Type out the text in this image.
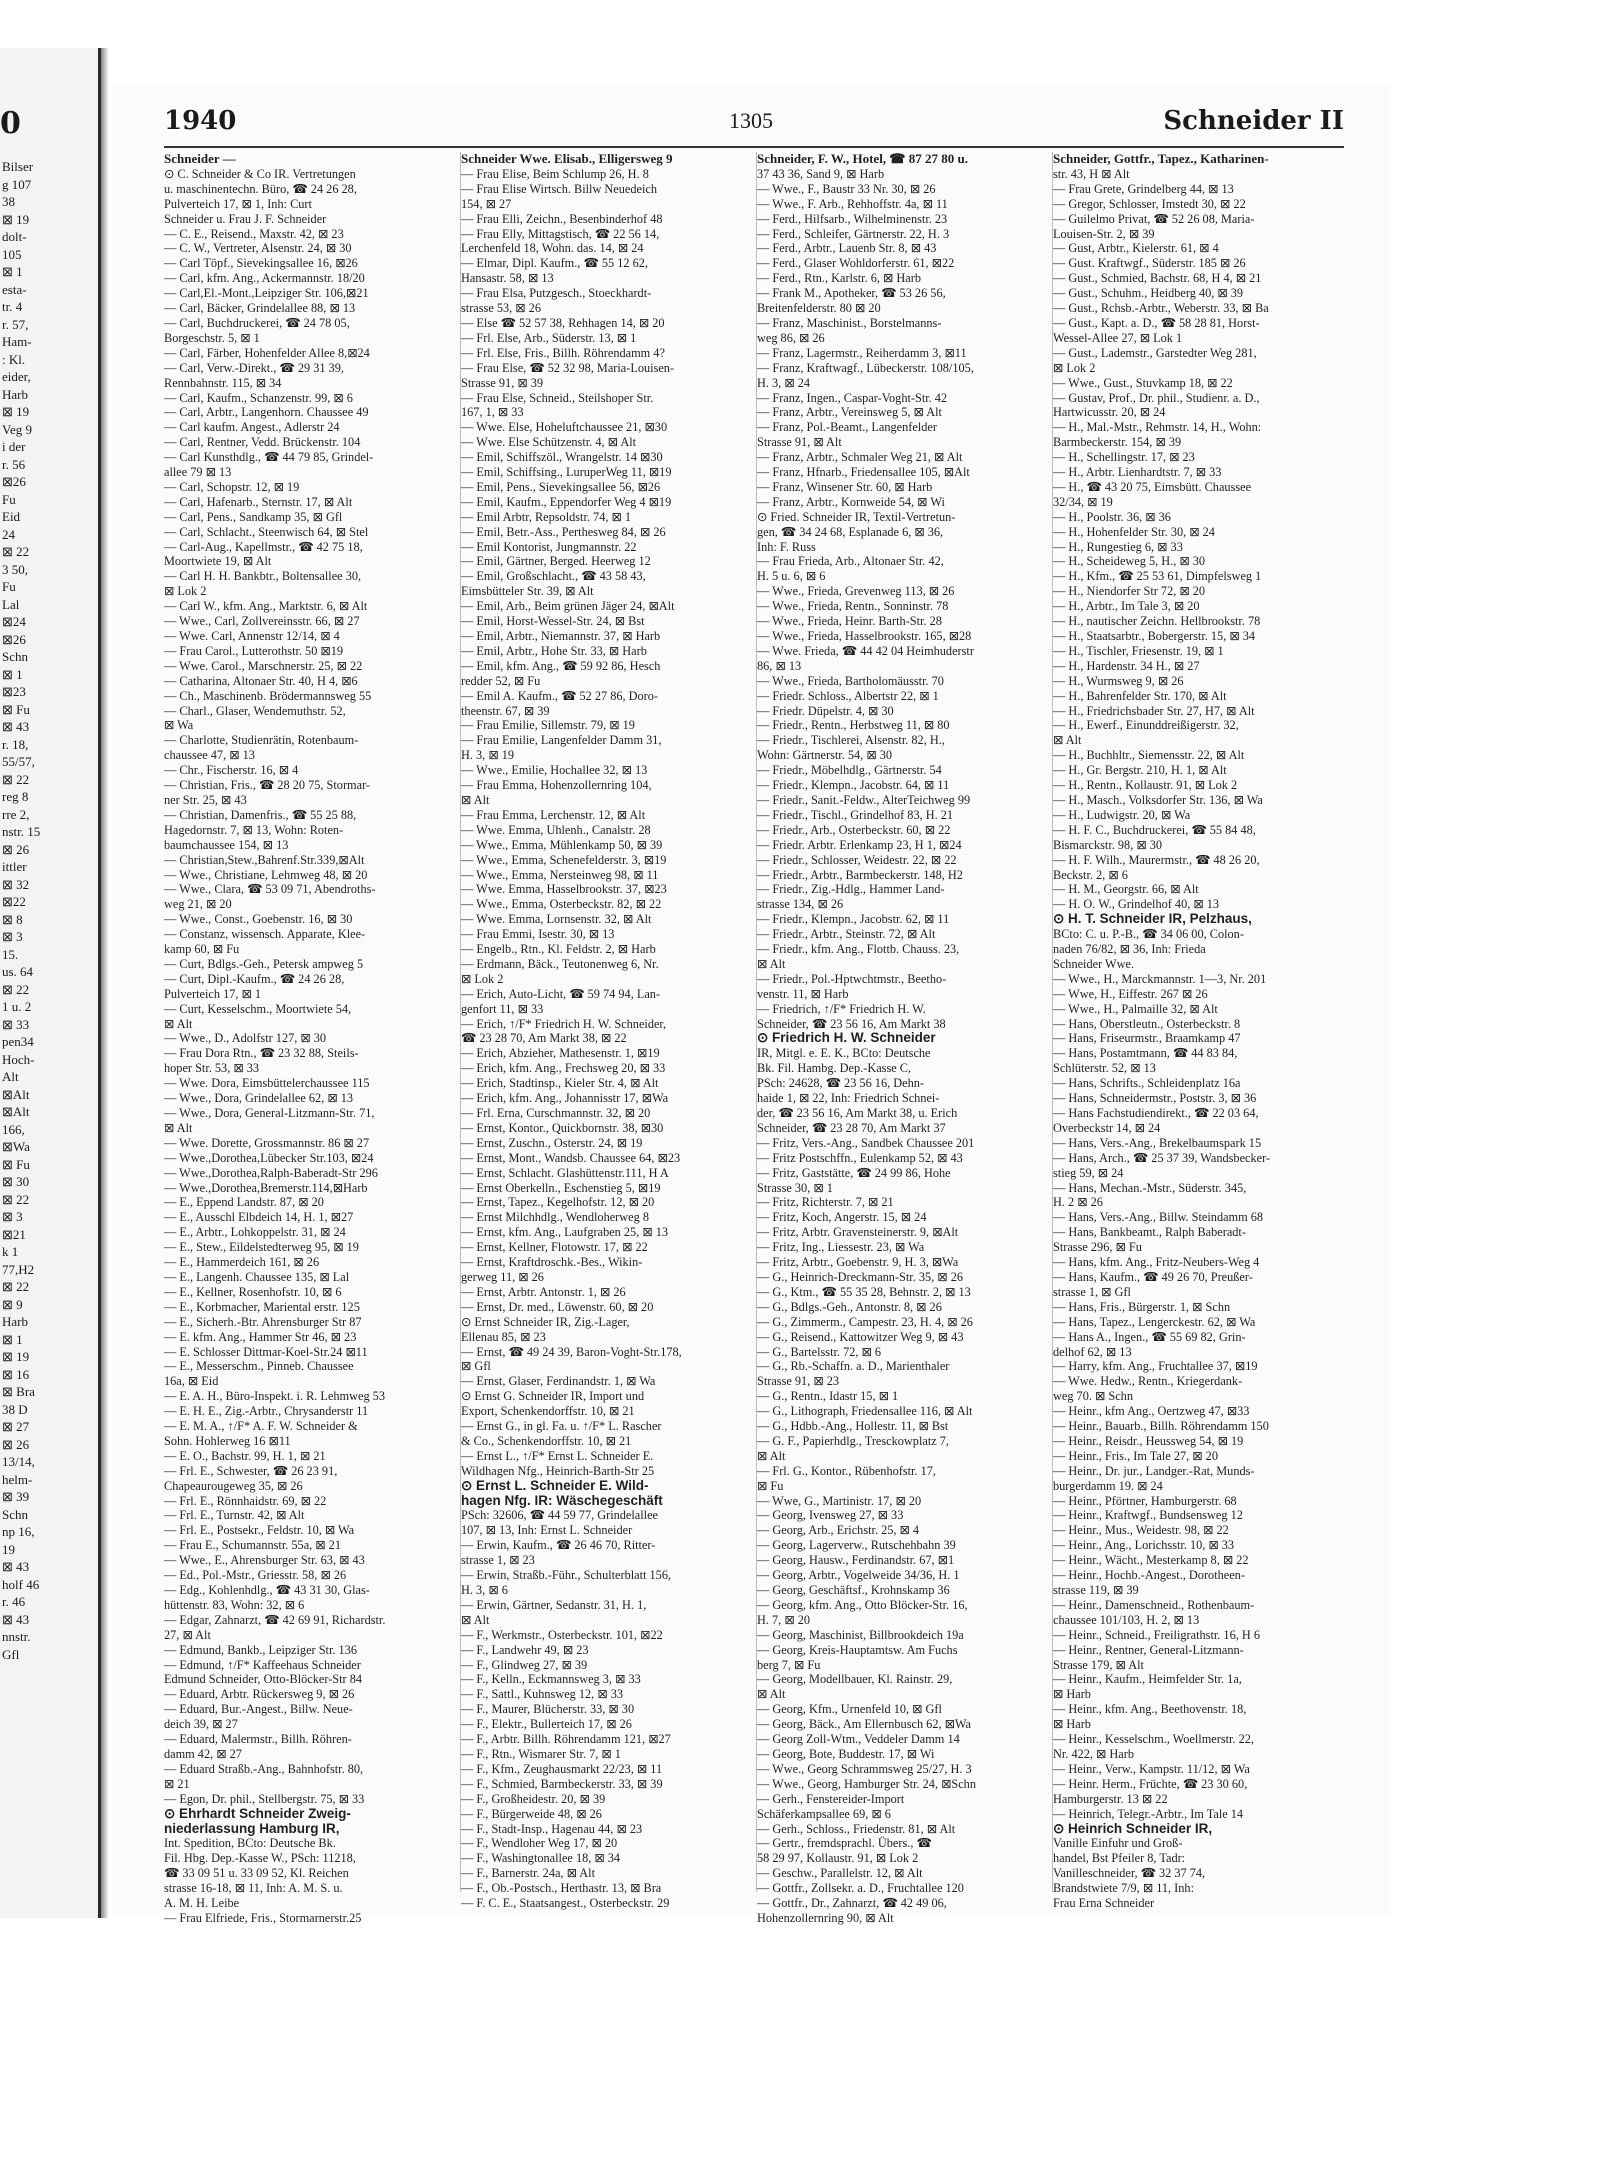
0
Bilser
g 107
38
⊠ 19
dolt-
105
⊠ 1
esta-
tr. 4
r. 57,
Ham-
: Kl.
eider,
Harb
⊠ 19
Veg 9
i der
r. 56
⊠26
Fu
Eid
24
⊠ 22
3 50,
Fu
Lal
⊠24
⊠26
Schn
⊠ 1
⊠23
⊠ Fu
⊠ 43
r. 18,
55/57,
⊠ 22
reg 8
rre 2,
nstr. 15
⊠ 26
ittler
⊠ 32
⊠22
⊠ 8
⊠ 3
15.
us. 64
⊠ 22
1 u. 2
⊠ 33
pen34
Hoch-
Alt
⊠Alt
⊠Alt
166,
⊠Wa
⊠ Fu
⊠ 30
⊠ 22
⊠ 3
⊠21
k 1
77,H2
⊠ 22
⊠ 9
Harb
⊠ 1
⊠ 19
⊠ 16
⊠ Bra
38 D
⊠ 27
⊠ 26
13/14,
helm-
⊠ 39
Schn
np 16,
19
⊠ 43
holf 46
r. 46
⊠ 43
nnstr.
Gfl
1940	1305	Schneider II
Schneider —
⊙ C. Schneider & Co IR. Vertretungen
u. maschinentechn. Büro, ☎ 24 26 28,
Pulverteich 17, ⊠ 1, Inh: Curt
Schneider u. Frau J. F. Schneider
— C. E., Reisend., Maxstr. 42, ⊠ 23
— C. W., Vertreter, Alsenstr. 24, ⊠ 30
— Carl Töpf., Sievekingsallee 16, ⊠26
— Carl, kfm. Ang., Ackermannstr. 18/20
— Carl,El.-Mont.,Leipziger Str. 106,⊠21
— Carl, Bäcker, Grindelallee 88, ⊠ 13
— Carl, Buchdruckerei, ☎ 24 78 05,
Borgeschstr. 5, ⊠ 1
— Carl, Färber, Hohenfelder Allee 8,⊠24
— Carl, Verw.-Direkt., ☎ 29 31 39,
Rennbahnstr. 115, ⊠ 34
— Carl, Kaufm., Schanzenstr. 99, ⊠ 6
— Carl, Arbtr., Langenhorn. Chaussee 49
— Carl kaufm. Angest., Adlerstr 24
— Carl, Rentner, Vedd. Brückenstr. 104
— Carl Kunsthdlg., ☎ 44 79 85, Grindel-
allee 79 ⊠ 13
— Carl, Schopstr. 12, ⊠ 19
— Carl, Hafenarb., Sternstr. 17, ⊠ Alt
— Carl, Pens., Sandkamp 35, ⊠ Gfl
— Carl, Schlacht., Steenwisch 64, ⊠ Stel
— Carl-Aug., Kapellmstr., ☎ 42 75 18,
Moortwiete 19, ⊠ Alt
— Carl H. H. Bankbtr., Boltensallee 30,
⊠ Lok 2
— Carl W., kfm. Ang., Marktstr. 6, ⊠ Alt
— Wwe., Carl, Zollvereinsstr. 66, ⊠ 27
— Wwe. Carl, Annenstr 12/14, ⊠ 4
— Frau Carol., Lutterothstr. 50 ⊠19
— Wwe. Carol., Marschnerstr. 25, ⊠ 22
— Catharina, Altonaer Str. 40, H 4, ⊠6
— Ch., Maschinenb. Brödermannsweg 55
— Charl., Glaser, Wendemuthstr. 52,
⊠ Wa
— Charlotte, Studienrätin, Rotenbaum-
chaussee 47, ⊠ 13
— Chr., Fischerstr. 16, ⊠ 4
— Christian, Fris., ☎ 28 20 75, Stormar-
ner Str. 25, ⊠ 43
— Christian, Damenfris., ☎ 55 25 88,
Hagedornstr. 7, ⊠ 13, Wohn: Roten-
baumchaussee 154, ⊠ 13
— Christian,Stew.,Bahrenf.Str.339,⊠Alt
— Wwe., Christiane, Lehmweg 48, ⊠ 20
— Wwe., Clara, ☎ 53 09 71, Abendroths-
weg 21, ⊠ 20
— Wwe., Const., Goebenstr. 16, ⊠ 30
— Constanz, wissensch. Apparate, Klee-
kamp 60, ⊠ Fu
— Curt, Bdlgs.-Geh., Petersk ampweg 5
— Curt, Dipl.-Kaufm., ☎ 24 26 28,
Pulverteich 17, ⊠ 1
— Curt, Kesselschm., Moortwiete 54,
⊠ Alt
— Wwe., D., Adolfstr 127, ⊠ 30
— Frau Dora Rtn., ☎ 23 32 88, Steils-
hoper Str. 53, ⊠ 33
— Wwe. Dora, Eimsbüttelerchaussee 115
— Wwe., Dora, Grindelallee 62, ⊠ 13
— Wwe., Dora, General-Litzmann-Str. 71,
⊠ Alt
— Wwe. Dorette, Grossmannstr. 86 ⊠ 27
— Wwe.,Dorothea,Lübecker Str.103, ⊠24
— Wwe.,Dorothea,Ralph-Baberadt-Str 296
— Wwe.,Dorothea,Bremerstr.114,⊠Harb
— E., Eppend Landstr. 87, ⊠ 20
— E., Ausschl Elbdeich 14, H. 1, ⊠27
— E., Arbtr., Lohkoppelstr. 31, ⊠ 24
— E., Stew., Eildelstedterweg 95, ⊠ 19
— E., Hammerdeich 161, ⊠ 26
— E., Langenh. Chaussee 135, ⊠ Lal
— E., Kellner, Rosenhofstr. 10, ⊠ 6
— E., Korbmacher, Mariental erstr. 125
— E., Sicherh.-Btr. Ahrensburger Str 87
— E. kfm. Ang., Hammer Str 46, ⊠ 23
— E. Schlosser Dittmar-Koel-Str.24 ⊠11
— E., Messerschm., Pinneb. Chaussee
16a, ⊠ Eid
— E. A. H., Büro-Inspekt. i. R. Lehmweg 53
— E. H. E., Zig.-Arbtr., Chrysanderstr 11
— E. M. A., ↑/F* A. F. W. Schneider &
Sohn. Hohlerweg 16 ⊠11
— E. O., Bachstr. 99, H. 1, ⊠ 21
— Frl. E., Schwester, ☎ 26 23 91,
Chapeaurougeweg 35, ⊠ 26
— Frl. E., Rönnhaidstr. 69, ⊠ 22
— Frl. E., Turnstr. 42, ⊠ Alt
— Frl. E., Postsekr., Feldstr. 10, ⊠ Wa
— Frau E., Schumannstr. 55a, ⊠ 21
— Wwe., E., Ahrensburger Str. 63, ⊠ 43
— Ed., Pol.-Mstr., Griesstr. 58, ⊠ 26
— Edg., Kohlenhdlg., ☎ 43 31 30, Glas-
hüttenstr. 83, Wohn: 32, ⊠ 6
— Edgar, Zahnarzt, ☎ 42 69 91, Richardstr.
27, ⊠ Alt
— Edmund, Bankb., Leipziger Str. 136
— Edmund, ↑/F* Kaffeehaus Schneider
Edmund Schneider, Otto-Blöcker-Str 84
— Eduard, Arbtr. Rückersweg 9, ⊠ 26
— Eduard, Bur.-Angest., Billw. Neue-
deich 39, ⊠ 27
— Eduard, Malermstr., Billh. Röhren-
damm 42, ⊠ 27
— Eduard Straßb.-Ang., Bahnhofstr. 80,
⊠ 21
— Egon, Dr. phil., Stellbergstr. 75, ⊠ 33
⊙ Ehrhardt Schneider Zweig-
niederlassung Hamburg IR,
Int. Spedition, BCto: Deutsche Bk.
Fil. Hbg. Dep.-Kasse W., PSch: 11218,
☎ 33 09 51 u. 33 09 52, Kl. Reichen
strasse 16-18, ⊠ 11, Inh: A. M. S. u.
A. M. H. Leibe
— Frau Elfriede, Fris., Stormarnerstr.25
Schneider Wwe. Elisab., Elligersweg 9
— Frau Elise, Beim Schlump 26, H. 8
— Frau Elise Wirtsch. Billw Neuedeich
154, ⊠ 27
— Frau Elli, Zeichn., Besenbinderhof 48
— Frau Elly, Mittagstisch, ☎ 22 56 14,
Lerchenfeld 18, Wohn. das. 14, ⊠ 24
— Elmar, Dipl. Kaufm., ☎ 55 12 62,
Hansastr. 58, ⊠ 13
— Frau Elsa, Putzgesch., Stoeckhardt-
strasse 53, ⊠ 26
— Else ☎ 52 57 38, Rehhagen 14, ⊠ 20
— Frl. Else, Arb., Süderstr. 13, ⊠ 1
— Frl. Else, Fris., Billh. Röhrendamm 4?
— Frau Else, ☎ 52 32 98, Maria-Louisen-
Strasse 91, ⊠ 39
— Frau Else, Schneid., Steilshoper Str.
167, 1, ⊠ 33
— Wwe. Else, Hoheluftchaussee 21, ⊠30
— Wwe. Else Schützenstr. 4, ⊠ Alt
— Emil, Schiffszöl., Wrangelstr. 14 ⊠30
— Emil, Schiffsing., LuruperWeg 11, ⊠19
— Emil, Pens., Sievekingsallee 56, ⊠26
— Emil, Kaufm., Eppendorfer Weg 4 ⊠19
— Emil Arbtr, Repsoldstr. 74, ⊠ 1
— Emil, Betr.-Ass., Perthesweg 84, ⊠ 26
— Emil Kontorist, Jungmannstr. 22
— Emil, Gärtner, Berged. Heerweg 12
— Emil, Großschlacht., ☎ 43 58 43,
Eimsbütteler Str. 39, ⊠ Alt
— Emil, Arb., Beim grünen Jäger 24, ⊠Alt
— Emil, Horst-Wessel-Str. 24, ⊠ Bst
— Emil, Arbtr., Niemannstr. 37, ⊠ Harb
— Emil, Arbtr., Hohe Str. 33, ⊠ Harb
— Emil, kfm. Ang., ☎ 59 92 86, Hesch
redder 52, ⊠ Fu
— Emil A. Kaufm., ☎ 52 27 86, Doro-
theenstr. 67, ⊠ 39
— Frau Emilie, Sillemstr. 79, ⊠ 19
— Frau Emilie, Langenfelder Damm 31,
H. 3, ⊠ 19
— Wwe., Emilie, Hochallee 32, ⊠ 13
— Frau Emma, Hohenzollernring 104,
⊠ Alt
— Frau Emma, Lerchenstr. 12, ⊠ Alt
— Wwe. Emma, Uhlenh., Canalstr. 28
— Wwe., Emma, Mühlenkamp 50, ⊠ 39
— Wwe., Emma, Schenefelderstr. 3, ⊠19
— Wwe., Emma, Nersteinweg 98, ⊠ 11
— Wwe. Emma, Hasselbrookstr. 37, ⊠23
— Wwe., Emma, Osterbeckstr. 82, ⊠ 22
— Wwe. Emma, Lornsenstr. 32, ⊠ Alt
— Frau Emmi, Isestr. 30, ⊠ 13
— Engelb., Rtn., Kl. Feldstr. 2, ⊠ Harb
— Erdmann, Bäck., Teutonenweg 6, Nr.
⊠ Lok 2
— Erich, Auto-Licht, ☎ 59 74 94, Lan-
genfort 11, ⊠ 33
— Erich, ↑/F* Friedrich H. W. Schneider,
☎ 23 28 70, Am Markt 38, ⊠ 22
— Erich, Abzieher, Mathesenstr. 1, ⊠19
— Erich, kfm. Ang., Frechsweg 20, ⊠ 33
— Erich, Stadtinsp., Kieler Str. 4, ⊠ Alt
— Erich, kfm. Ang., Johannisstr 17, ⊠Wa
— Frl. Erna, Curschmannstr. 32, ⊠ 20
— Ernst, Kontor., Quickbornstr. 38, ⊠30
— Ernst, Zuschn., Osterstr. 24, ⊠ 19
— Ernst, Mont., Wandsb. Chaussee 64, ⊠23
— Ernst, Schlacht. Glashüttenstr.111, H A
— Ernst Oberkelln., Eschenstieg 5, ⊠19
— Ernst, Tapez., Kegelhofstr. 12, ⊠ 20
— Ernst Milchhdlg., Wendloherweg 8
— Ernst, kfm. Ang., Laufgraben 25, ⊠ 13
— Ernst, Kellner, Flotowstr. 17, ⊠ 22
— Ernst, Kraftdroschk.-Bes., Wikin-
gerweg 11, ⊠ 26
— Ernst, Arbtr. Antonstr. 1, ⊠ 26
— Ernst, Dr. med., Löwenstr. 60, ⊠ 20
⊙ Ernst Schneider IR, Zig.-Lager,
Ellenau 85, ⊠ 23
— Ernst, ☎ 49 24 39, Baron-Voght-Str.178,
⊠ Gfl
— Ernst, Glaser, Ferdinandstr. 1, ⊠ Wa
⊙ Ernst G. Schneider IR, Import und
Export, Schenkendorffstr. 10, ⊠ 21
— Ernst G., in gl. Fa. u. ↑/F* L. Rascher
& Co., Schenkendorffstr. 10, ⊠ 21
— Ernst L., ↑/F* Ernst L. Schneider E.
Wildhagen Nfg., Heinrich-Barth-Str 25
⊙ Ernst L. Schneider E. Wild-
hagen Nfg. IR: Wäschegeschäft
PSch: 32606, ☎ 44 59 77, Grindelallee
107, ⊠ 13, Inh: Ernst L. Schneider
— Erwin, Kaufm., ☎ 26 46 70, Ritter-
strasse 1, ⊠ 23
— Erwin, Straßb.-Führ., Schulterblatt 156,
H. 3, ⊠ 6
— Erwin, Gärtner, Sedanstr. 31, H. 1,
⊠ Alt
— F., Werkmstr., Osterbeckstr. 101, ⊠22
— F., Landwehr 49, ⊠ 23
— F., Glindweg 27, ⊠ 39
— F., Kelln., Eckmannsweg 3, ⊠ 33
— F., Sattl., Kuhnsweg 12, ⊠ 33
— F., Maurer, Blücherstr. 33, ⊠ 30
— F., Elektr., Bullerteich 17, ⊠ 26
— F., Arbtr. Billh. Röhrendamm 121, ⊠27
— F., Rtn., Wismarer Str. 7, ⊠ 1
— F., Kfm., Zeughausmarkt 22/23, ⊠ 11
— F., Schmied, Barmbeckerstr. 33, ⊠ 39
— F., Großheidestr. 20, ⊠ 39
— F., Bürgerweide 48, ⊠ 26
— F., Stadt-Insp., Hagenau 44, ⊠ 23
— F., Wendloher Weg 17, ⊠ 20
— F., Washingtonallee 18, ⊠ 34
— F., Barnerstr. 24a, ⊠ Alt
— F., Ob.-Postsch., Herthastr. 13, ⊠ Bra
— F. C. E., Staatsangest., Osterbeckstr. 29
Schneider, F. W., Hotel, ☎ 87 27 80 u.
37 43 36, Sand 9, ⊠ Harb
— Wwe., F., Baustr 33 Nr. 30, ⊠ 26
— Wwe., F. Arb., Rehhoffstr. 4a, ⊠ 11
— Ferd., Hilfsarb., Wilhelminenstr. 23
— Ferd., Schleifer, Gärtnerstr. 22, H. 3
— Ferd., Arbtr., Lauenb Str. 8, ⊠ 43
— Ferd., Glaser Wohldorferstr. 61, ⊠22
— Ferd., Rtn., Karlstr. 6, ⊠ Harb
— Frank M., Apotheker, ☎ 53 26 56,
Breitenfelderstr. 80 ⊠ 20
— Franz, Maschinist., Borstelmanns-
weg 86, ⊠ 26
— Franz, Lagermstr., Reiherdamm 3, ⊠11
— Franz, Kraftwagf., Lübeckerstr. 108/105,
H. 3, ⊠ 24
— Franz, Ingen., Caspar-Voght-Str. 42
— Franz, Arbtr., Vereinsweg 5, ⊠ Alt
— Franz, Pol.-Beamt., Langenfelder
Strasse 91, ⊠ Alt
— Franz, Arbtr., Schmaler Weg 21, ⊠ Alt
— Franz, Hfnarb., Friedensallee 105, ⊠Alt
— Franz, Winsener Str. 60, ⊠ Harb
— Franz, Arbtr., Kornweide 54, ⊠ Wi
⊙ Fried. Schneider IR, Textil-Vertretun-
gen, ☎ 34 24 68, Esplanade 6, ⊠ 36,
Inh: F. Russ
— Frau Frieda, Arb., Altonaer Str. 42,
H. 5 u. 6, ⊠ 6
— Wwe., Frieda, Grevenweg 113, ⊠ 26
— Wwe., Frieda, Rentn., Sonninstr. 78
— Wwe., Frieda, Heinr. Barth-Str. 28
— Wwe., Frieda, Hasselbrookstr. 165, ⊠28
— Wwe. Frieda, ☎ 44 42 04 Heimhuderstr
86, ⊠ 13
— Wwe., Frieda, Bartholomäusstr. 70
— Friedr. Schloss., Albertstr 22, ⊠ 1
— Friedr. Düpelstr. 4, ⊠ 30
— Friedr., Rentn., Herbstweg 11, ⊠ 80
— Friedr., Tischlerei, Alsenstr. 82, H.,
Wohn: Gärtnerstr. 54, ⊠ 30
— Friedr., Möbelhdlg., Gärtnerstr. 54
— Friedr., Klempn., Jacobstr. 64, ⊠ 11
— Friedr., Sanit.-Feldw., AlterTeichweg 99
— Friedr., Tischl., Grindelhof 83, H. 21
— Friedr., Arb., Osterbeckstr. 60, ⊠ 22
— Friedr. Arbtr. Erlenkamp 23, H 1, ⊠24
— Friedr., Schlosser, Weidestr. 22, ⊠ 22
— Friedr., Arbtr., Barmbeckerstr. 148, H2
— Friedr., Zig.-Hdlg., Hammer Land-
strasse 134, ⊠ 26
— Friedr., Klempn., Jacobstr. 62, ⊠ 11
— Friedr., Arbtr., Steinstr. 72, ⊠ Alt
— Friedr., kfm. Ang., Flottb. Chauss. 23,
⊠ Alt
— Friedr., Pol.-Hptwchtmstr., Beetho-
venstr. 11, ⊠ Harb
— Friedrich, ↑/F* Friedrich H. W.
Schneider, ☎ 23 56 16, Am Markt 38
⊙ Friedrich H. W. Schneider
IR, Mitgl. e. E. K., BCto: Deutsche
Bk. Fil. Hambg. Dep.-Kasse C,
PSch: 24628, ☎ 23 56 16, Dehn-
haide 1, ⊠ 22, Inh: Friedrich Schnei-
der, ☎ 23 56 16, Am Markt 38, u. Erich
Schneider, ☎ 23 28 70, Am Markt 37
— Fritz, Vers.-Ang., Sandbek Chaussee 201
— Fritz Postschffn., Eulenkamp 52, ⊠ 43
— Fritz, Gaststätte, ☎ 24 99 86, Hohe
Strasse 30, ⊠ 1
— Fritz, Richterstr. 7, ⊠ 21
— Fritz, Koch, Angerstr. 15, ⊠ 24
— Fritz, Arbtr. Gravensteinerstr. 9, ⊠Alt
— Fritz, Ing., Liessestr. 23, ⊠ Wa
— Fritz, Arbtr., Goebenstr. 9, H. 3, ⊠Wa
— G., Heinrich-Dreckmann-Str. 35, ⊠ 26
— G., Ktm., ☎ 55 35 28, Behnstr. 2, ⊠ 13
— G., Bdlgs.-Geh., Antonstr. 8, ⊠ 26
— G., Zimmerm., Campestr. 23, H. 4, ⊠ 26
— G., Reisend., Kattowitzer Weg 9, ⊠ 43
— G., Bartelsstr. 72, ⊠ 6
— G., Rb.-Schaffn. a. D., Marienthaler
Strasse 91, ⊠ 23
— G., Rentn., Idastr 15, ⊠ 1
— G., Lithograph, Friedensallee 116, ⊠ Alt
— G., Hdbb.-Ang., Hollestr. 11, ⊠ Bst
— G. F., Papierhdlg., Tresckowplatz 7,
⊠ Alt
— Frl. G., Kontor., Rübenhofstr. 17,
⊠ Fu
— Wwe, G., Martinistr. 17, ⊠ 20
— Georg, Ivensweg 27, ⊠ 33
— Georg, Arb., Erichstr. 25, ⊠ 4
— Georg, Lagerverw., Rutschehbahn 39
— Georg, Hausw., Ferdinandstr. 67, ⊠1
— Georg, Arbtr., Vogelweide 34/36, H. 1
— Georg, Geschäftsf., Krohnskamp 36
— Georg, kfm. Ang., Otto Blöcker-Str. 16,
H. 7, ⊠ 20
— Georg, Maschinist, Billbrookdeich 19a
— Georg, Kreis-Hauptamtsw. Am Fuchs
berg 7, ⊠ Fu
— Georg, Modellbauer, Kl. Rainstr. 29,
⊠ Alt
— Georg, Kfm., Urnenfeld 10, ⊠ Gfl
— Georg, Bäck., Am Ellernbusch 62, ⊠Wa
— Georg Zoll-Wtm., Veddeler Damm 14
— Georg, Bote, Buddestr. 17, ⊠ Wi
— Wwe., Georg Schrammsweg 25/27, H. 3
— Wwe., Georg, Hamburger Str. 24, ⊠Schn
— Gerh., Fenstereider-Import
Schäferkampsallee 69, ⊠ 6
— Gerh., Schloss., Friedenstr. 81, ⊠ Alt
— Gertr., fremdsprachl. Übers., ☎
58 29 97, Kollaustr. 91, ⊠ Lok 2
— Geschw., Parallelstr. 12, ⊠ Alt
— Gottfr., Zollsekr. a. D., Fruchtallee 120
— Gottfr., Dr., Zahnarzt, ☎ 42 49 06,
Hohenzollernring 90, ⊠ Alt
Schneider, Gottfr., Tapez., Katharinen-
str. 43, H ⊠ Alt
— Frau Grete, Grindelberg 44, ⊠ 13
— Gregor, Schlosser, Imstedt 30, ⊠ 22
— Guilelmo Privat, ☎ 52 26 08, Maria-
Louisen-Str. 2, ⊠ 39
— Gust, Arbtr., Kielerstr. 61, ⊠ 4
— Gust. Kraftwgf., Süderstr. 185 ⊠ 26
— Gust., Schmied, Bachstr. 68, H 4, ⊠ 21
— Gust., Schuhm., Heidberg 40, ⊠ 39
— Gust., Rchsb.-Arbtr., Weberstr. 33, ⊠ Ba
— Gust., Kapt. a. D., ☎ 58 28 81, Horst-
Wessel-Allee 27, ⊠ Lok 1
— Gust., Lademstr., Garstedter Weg 281,
⊠ Lok 2
— Wwe., Gust., Stuvkamp 18, ⊠ 22
— Gustav, Prof., Dr. phil., Studienr. a. D.,
Hartwicusstr. 20, ⊠ 24
— H., Mal.-Mstr., Rehmstr. 14, H., Wohn:
Barmbeckerstr. 154, ⊠ 39
— H., Schellingstr. 17, ⊠ 23
— H., Arbtr. Lienhardtstr. 7, ⊠ 33
— H., ☎ 43 20 75, Eimsbütt. Chaussee
32/34, ⊠ 19
— H., Poolstr. 36, ⊠ 36
— H., Hohenfelder Str. 30, ⊠ 24
— H., Rungestieg 6, ⊠ 33
— H., Scheideweg 5, H., ⊠ 30
— H., Kfm., ☎ 25 53 61, Dimpfelsweg 1
— H., Niendorfer Str 72, ⊠ 20
— H., Arbtr., Im Tale 3, ⊠ 20
— H., nautischer Zeichn. Hellbrookstr. 78
— H., Staatsarbtr., Bobergerstr. 15, ⊠ 34
— H., Tischler, Friesenstr. 19, ⊠ 1
— H., Hardenstr. 34 H., ⊠ 27
— H., Wurmsweg 9, ⊠ 26
— H., Bahrenfelder Str. 170, ⊠ Alt
— H., Friedrichsbader Str. 27, H7, ⊠ Alt
— H., Ewerf., Einunddreißigerstr. 32,
⊠ Alt
— H., Buchhltr., Siemensstr. 22, ⊠ Alt
— H., Gr. Bergstr. 210, H. 1, ⊠ Alt
— H., Rentn., Kollaustr. 91, ⊠ Lok 2
— H., Masch., Volksdorfer Str. 136, ⊠ Wa
— H., Ludwigstr. 20, ⊠ Wa
— H. F. C., Buchdruckerei, ☎ 55 84 48,
Bismarckstr. 98, ⊠ 30
— H. F. Wilh., Maurermstr., ☎ 48 26 20,
Beckstr. 2, ⊠ 6
— H. M., Georgstr. 66, ⊠ Alt
— H. O. W., Grindelhof 40, ⊠ 13
⊙ H. T. Schneider IR, Pelzhaus,
BCto: C. u. P.-B., ☎ 34 06 00, Colon-
naden 76/82, ⊠ 36, Inh: Frieda
Schneider Wwe.
— Wwe., H., Marckmannstr. 1—3, Nr. 201
— Wwe, H., Eiffestr. 267 ⊠ 26
— Wwe., H., Palmaille 32, ⊠ Alt
— Hans, Oberstleutn., Osterbeckstr. 8
— Hans, Friseurmstr., Braamkamp 47
— Hans, Postamtmann, ☎ 44 83 84,
Schlüterstr. 52, ⊠ 13
— Hans, Schrifts., Schleidenplatz 16a
— Hans, Schneidermstr., Poststr. 3, ⊠ 36
— Hans Fachstudiendirekt., ☎ 22 03 64,
Overbeckstr 14, ⊠ 24
— Hans, Vers.-Ang., Brekelbaumspark 15
— Hans, Arch., ☎ 25 37 39, Wandsbecker-
stieg 59, ⊠ 24
— Hans, Mechan.-Mstr., Süderstr. 345,
H. 2 ⊠ 26
— Hans, Vers.-Ang., Billw. Steindamm 68
— Hans, Bankbeamt., Ralph Baberadt-
Strasse 296, ⊠ Fu
— Hans, kfm. Ang., Fritz-Neubers-Weg 4
— Hans, Kaufm., ☎ 49 26 70, Preußer-
strasse 1, ⊠ Gfl
— Hans, Fris., Bürgerstr. 1, ⊠ Schn
— Hans, Tapez., Lengerckestr. 62, ⊠ Wa
— Hans A., Ingen., ☎ 55 69 82, Grin-
delhof 62, ⊠ 13
— Harry, kfm. Ang., Fruchtallee 37, ⊠19
— Wwe. Hedw., Rentn., Kriegerdank-
weg 70. ⊠ Schn
— Heinr., kfm Ang., Oertzweg 47, ⊠33
— Heinr., Bauarb., Billh. Röhrendamm 150
— Heinr., Reisdr., Heussweg 54, ⊠ 19
— Heinr., Fris., Im Tale 27, ⊠ 20
— Heinr., Dr. jur., Landger.-Rat, Munds-
burgerdamm 19. ⊠ 24
— Heinr., Pförtner, Hamburgerstr. 68
— Heinr., Kraftwgf., Bundsensweg 12
— Heinr., Mus., Weidestr. 98, ⊠ 22
— Heinr., Ang., Lorichsstr. 10, ⊠ 33
— Heinr., Wächt., Mesterkamp 8, ⊠ 22
— Heinr., Hochb.-Angest., Dorotheen-
strasse 119, ⊠ 39
— Heinr., Damenschneid., Rothenbaum-
chaussee 101/103, H. 2, ⊠ 13
— Heinr., Schneid., Freiligrathstr. 16, H 6
— Heinr., Rentner, General-Litzmann-
Strasse 179, ⊠ Alt
— Heinr., Kaufm., Heimfelder Str. 1a,
⊠ Harb
— Heinr., kfm. Ang., Beethovenstr. 18,
⊠ Harb
— Heinr., Kesselschm., Woellmerstr. 22,
Nr. 422, ⊠ Harb
— Heinr., Verw., Kampstr. 11/12, ⊠ Wa
— Heinr. Herm., Früchte, ☎ 23 30 60,
Hamburgerstr. 13 ⊠ 22
— Heinrich, Telegr.-Arbtr., Im Tale 14
⊙ Heinrich Schneider IR,
Vanille Einfuhr und Groß-
handel, Bst Pfeiler 8, Tadr:
Vanilleschneider, ☎ 32 37 74,
Brandstwiete 7/9, ⊠ 11, Inh:
Frau Erna Schneider
